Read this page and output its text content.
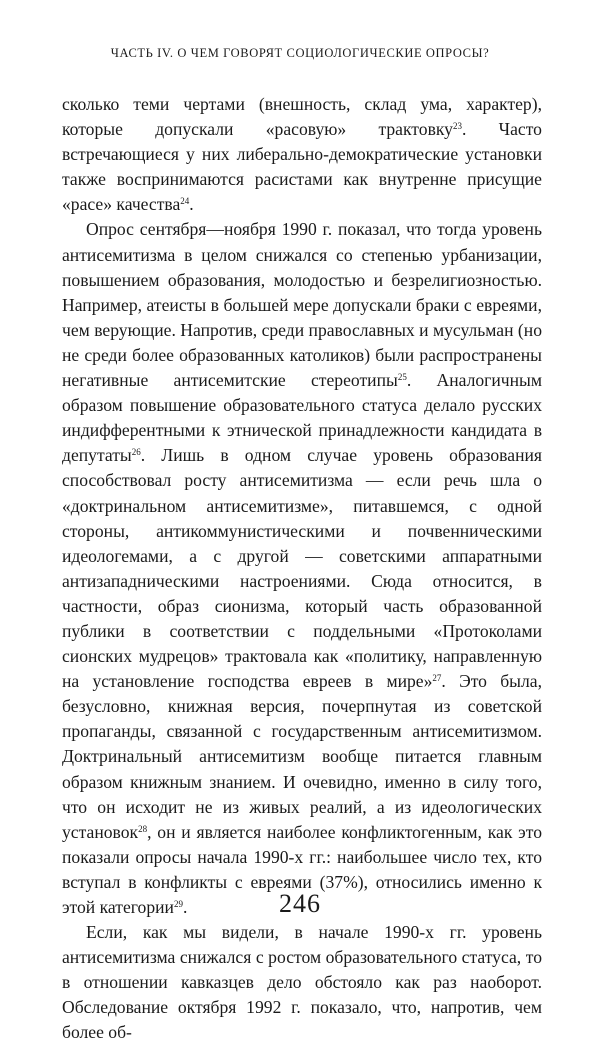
ЧАСТЬ IV. О ЧЕМ ГОВОРЯТ СОЦИОЛОГИЧЕСКИЕ ОПРОСЫ?

сколько теми чертами (внешность, склад ума, характер), которые допускали «расовую» трактовку$^{23}$. Часто встречающиеся у них либерально-демократические установки также воспринимаются расистами как внутренне присущие «расе» качества$^{24}$.

Опрос сентября—ноября 1990 г. показал, что тогда уровень антисемитизма в целом снижался со степенью урбанизации, повышением образования, молодостью и безрелигиозностью. Например, атеисты в большей мере допускали браки с евреями, чем верующие. Напротив, среди православных и мусульман (но не среди более образованных католиков) были распространены негативные антисемитские стереотипы$^{25}$. Аналогичным образом повышение образовательного статуса делало русских индифферентными к этнической принадлежности кандидата в депутаты$^{26}$. Лишь в одном случае уровень образования способствовал росту антисемитизма — если речь шла о «доктринальном антисемитизме», питавшемся, с одной стороны, антикоммунистическими и почвенническими идеологемами, а с другой — советскими аппаратными антизападническими настроениями. Сюда относится, в частности, образ сионизма, который часть образованной публики в соответствии с поддельными «Протоколами сионских мудрецов» трактовала как «политику, направленную на установление господства евреев в мире»$^{27}$. Это была, безусловно, книжная версия, почерпнутая из советской пропаганды, связанной с государственным антисемитизмом. Доктринальный антисемитизм вообще питается главным образом книжным знанием. И очевидно, именно в силу того, что он исходит не из живых реалий, а из идеологических установок$^{28}$, он и является наиболее конфликтогенным, как это показали опросы начала 1990-х гг.: наибольшее число тех, кто вступал в конфликты с евреями (37%), относились именно к этой категории$^{29}$.

Если, как мы видели, в начале 1990-х гг. уровень антисемитизма снижался с ростом образовательного статуса, то в отношении кавказцев дело обстояло как раз наоборот. Обследование октября 1992 г. показало, что, напротив, чем более об-

246
